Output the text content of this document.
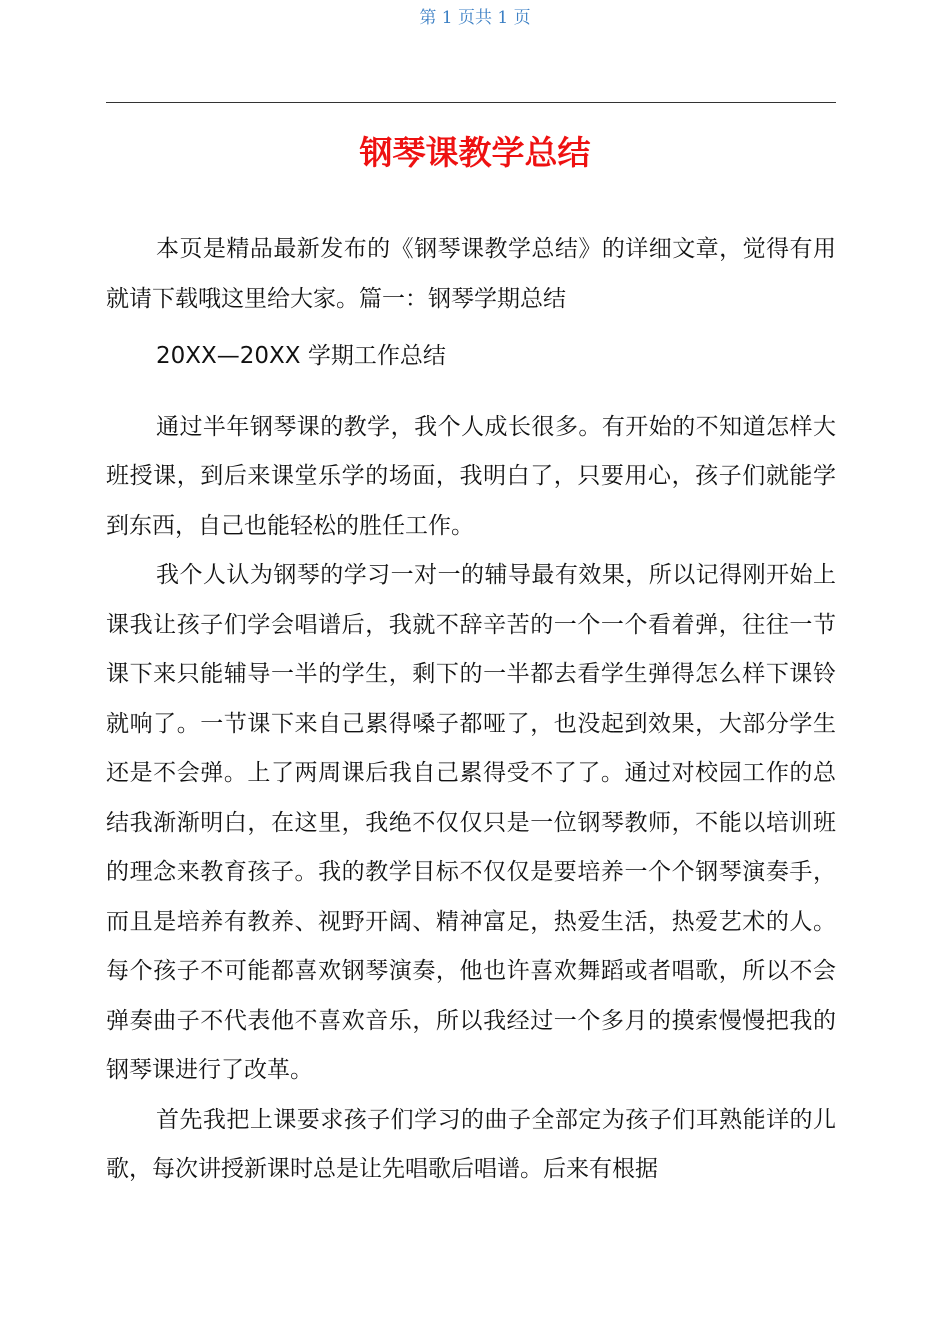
第 1 页共 1 页
钢琴课教学总结

本页是精品最新发布的《钢琴课教学总结》的详细文章，觉得有用就请下载哦这里给大家。篇一：钢琴学期总结

20XX—20XX 学期工作总结

通过半年钢琴课的教学，我个人成长很多。有开始的不知道怎样大班授课，到后来课堂乐学的场面，我明白了，只要用心，孩子们就能学到东西，自己也能轻松的胜任工作。

我个人认为钢琴的学习一对一的辅导最有效果，所以记得刚开始上课我让孩子们学会唱谱后，我就不辞辛苦的一个一个看着弹，往往一节课下来只能辅导一半的学生，剩下的一半都去看学生弹得怎么样下课铃就响了。一节课下来自己累得嗓子都哑了，也没起到效果，大部分学生还是不会弹。上了两周课后我自己累得受不了了。通过对校园工作的总结我渐渐明白，在这里，我绝不仅仅只是一位钢琴教师，不能以培训班的理念来教育孩子。我的教学目标不仅仅是要培养一个个钢琴演奏手，而且是培养有教养、视野开阔、精神富足，热爱生活，热爱艺术的人。每个孩子不可能都喜欢钢琴演奏，他也许喜欢舞蹈或者唱歌，所以不会弹奏曲子不代表他不喜欢音乐，所以我经过一个多月的摸索慢慢把我的钢琴课进行了改革。

首先我把上课要求孩子们学习的曲子全部定为孩子们耳熟能详的儿歌，每次讲授新课时总是让先唱歌后唱谱。后来有根据
